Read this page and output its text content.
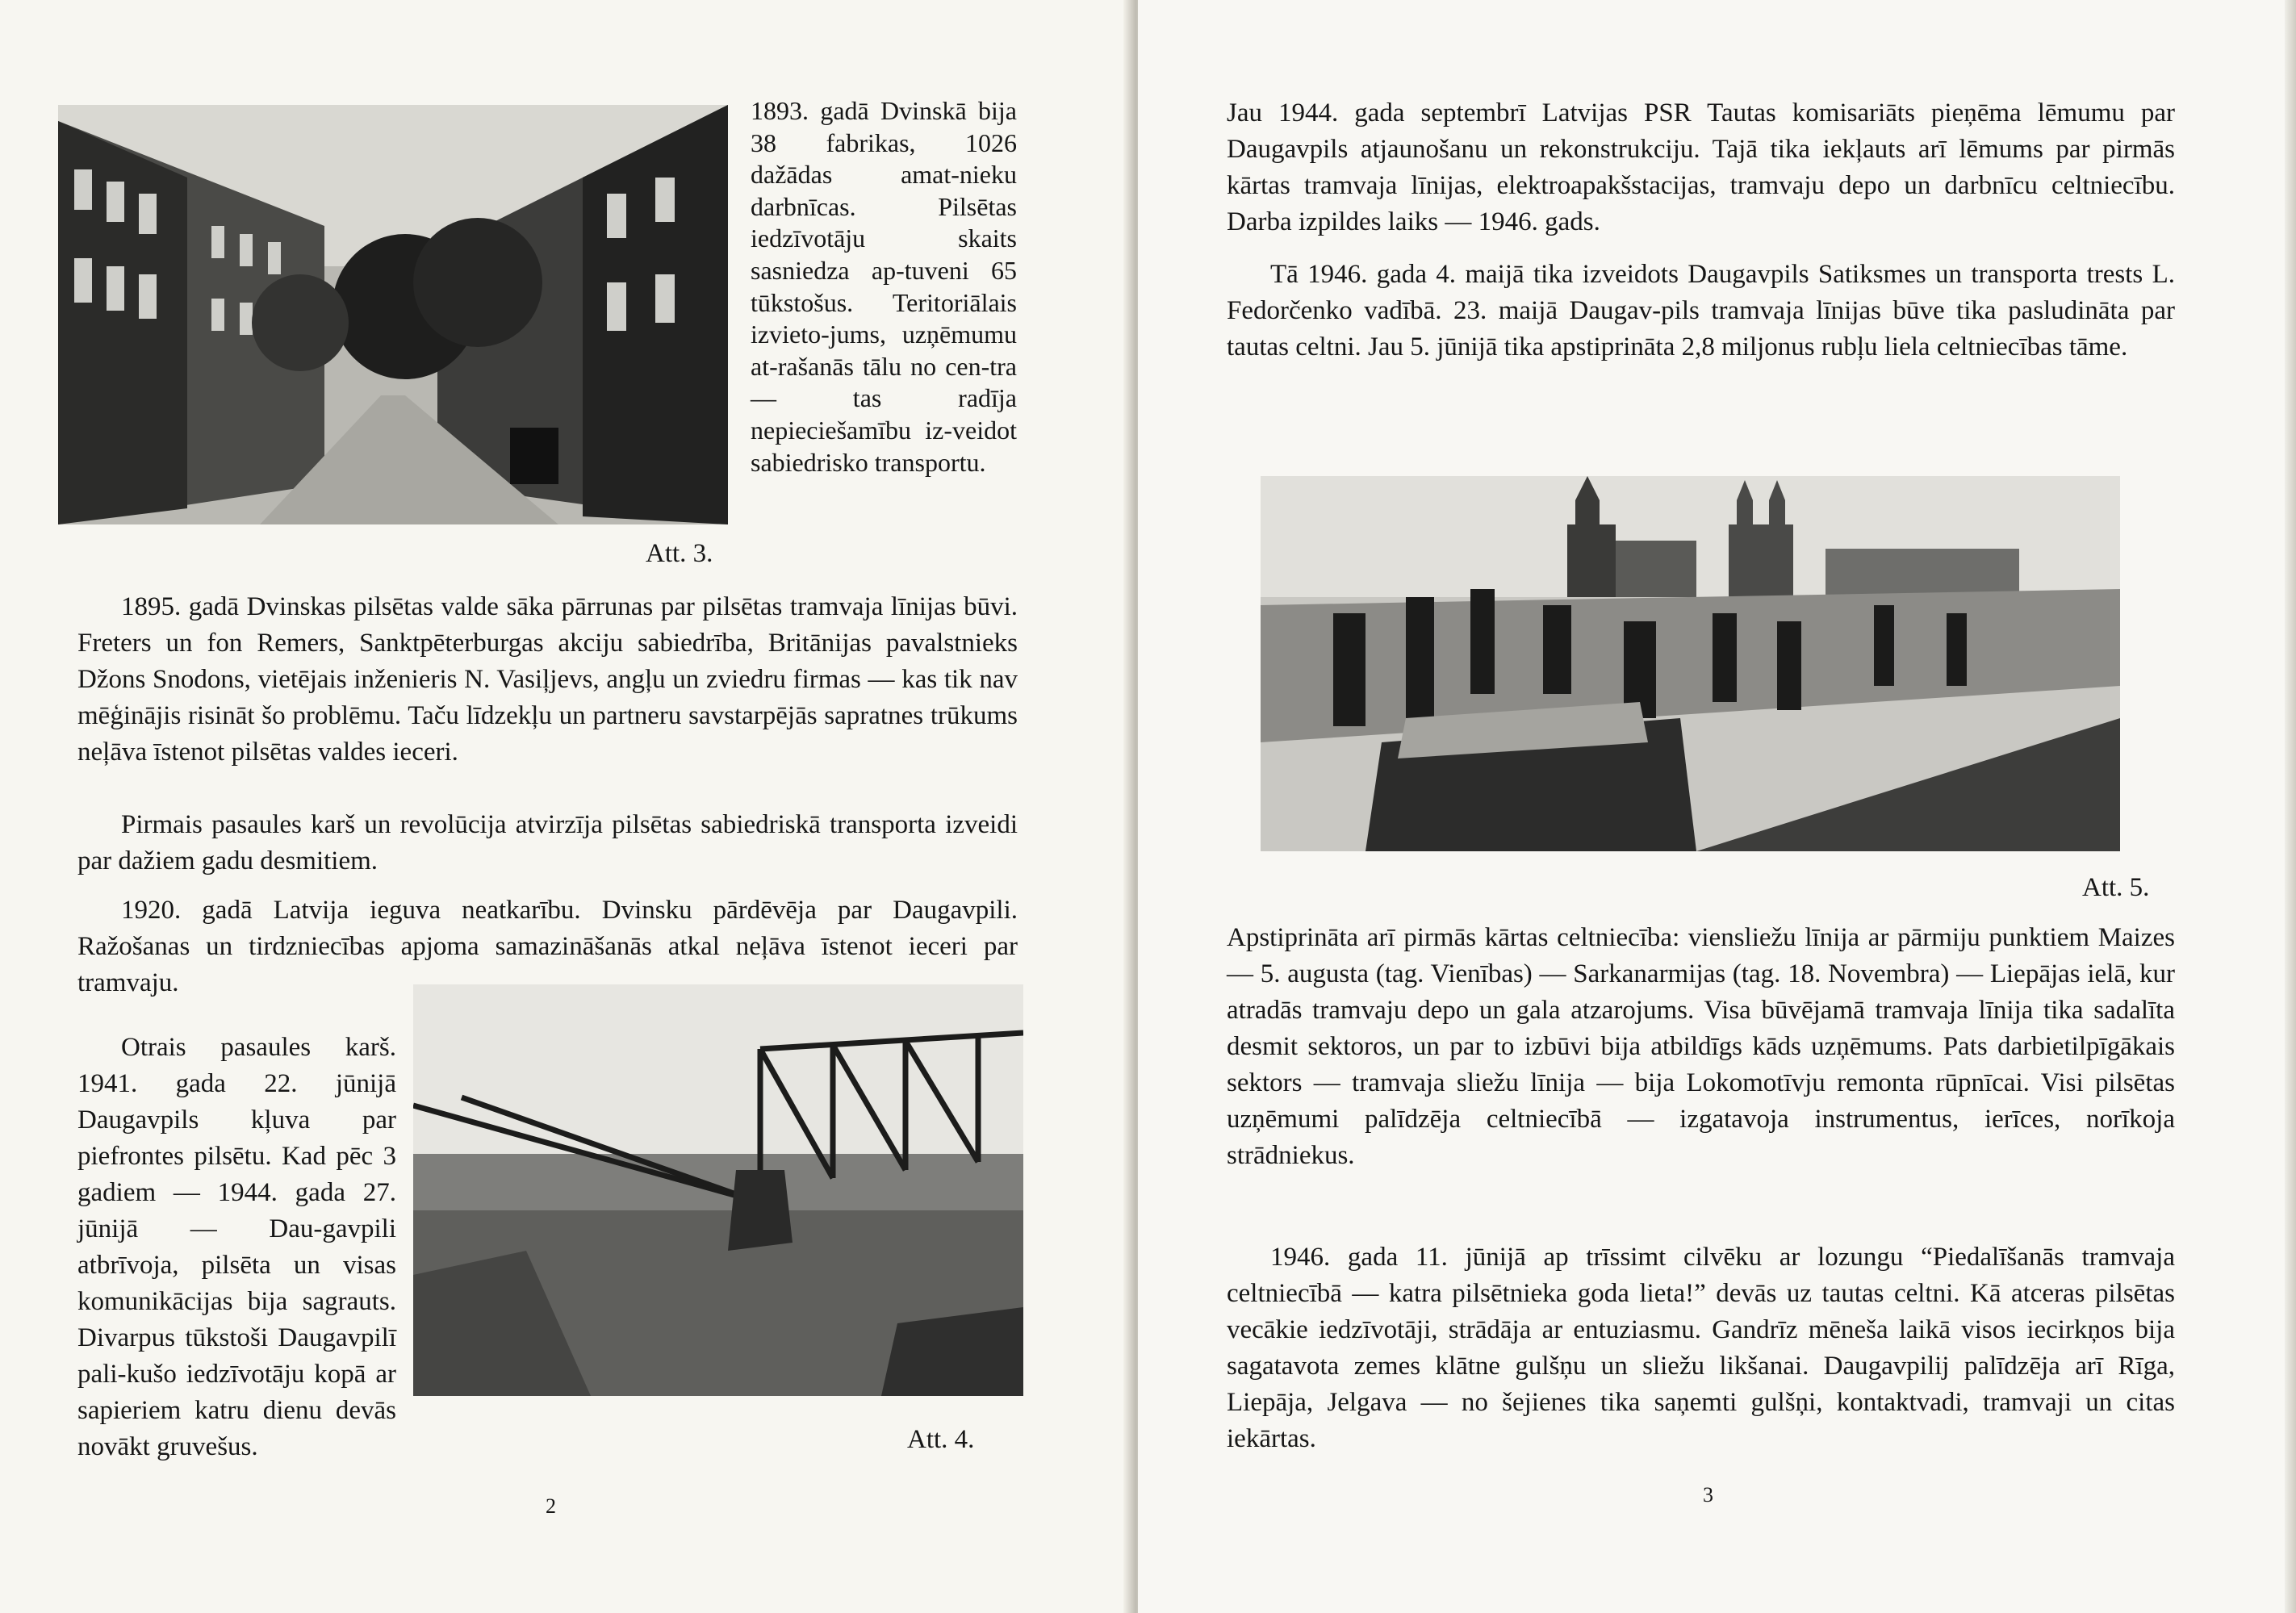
1893. gadā Dvinskā bija 38 fabrikas, 1026 dažādas amat-nieku darbnīcas. Pilsētas iedzīvotāju skaits sasniedza ap-tuveni 65 tūkstošus. Teritoriālais izvieto-jums, uzņēmumu at-rašanās tālu no cen-tra — tas radīja nepieciešamību iz-veidot sabiedrisko transportu.

Att. 3.

1895. gadā Dvinskas pilsētas valde sāka pārrunas par pilsētas tramvaja līnijas būvi. Freters un fon Remers, Sanktpēterburgas akciju sabiedrība, Britānijas pavalstnieks Džons Snodons, vietējais inženieris N. Vasiļjevs, angļu un zviedru firmas — kas tik nav mēģinājis risināt šo problēmu. Taču līdzekļu un partneru savstarpējās sapratnes trūkums neļāva īstenot pilsētas valdes ieceri.

Pirmais pasaules karš un revolūcija atvirzīja pilsētas sabiedriskā transporta izveidi par dažiem gadu desmitiem.

1920. gadā Latvija ieguva neatkarību. Dvinsku pārdēvēja par Daugavpili. Ražošanas un tirdzniecības apjoma samazināšanās atkal neļāva īstenot ieceri par tramvaju.

Otrais pasaules karš. 1941. gada 22. jūnijā Daugavpils kļuva par piefrontes pilsētu. Kad pēc 3 gadiem — 1944. gada 27. jūnijā — Dau-gavpili atbrīvoja, pilsēta un visas komunikācijas bija sagrauts. Divarpus tūkstoši Daugavpilī pali-kušo iedzīvotāju kopā ar sapieriem katru dienu devās novākt gruvešus.	Att. 4.
2

Jau 1944. gada septembrī Latvijas PSR Tautas komisariāts pieņēma lēmumu par Daugavpils atjaunošanu un rekonstrukciju. Tajā tika iekļauts arī lēmums par pirmās kārtas tramvaja līnijas, elektroapakšstacijas, tramvaju depo un darbnīcu celtniecību. Darba izpildes laiks — 1946. gads.

Tā 1946. gada 4. maijā tika izveidots Daugavpils Satiksmes un transporta trests L. Fedorčenko vadībā. 23. maijā Daugav-pils tramvaja līnijas būve tika pasludināta par tautas celtni. Jau 5. jūnijā tika apstiprināta 2,8 miljonus rubļu liela celtniecības tāme.

Att. 5.

Apstiprināta arī pirmās kārtas celtniecība: viensliežu līnija ar pārmiju punktiem Maizes — 5. augusta (tag. Vienības) — Sarkanarmijas (tag. 18. Novembra) — Liepājas ielā, kur atradās tramvaju depo un gala atzarojums. Visa būvējamā tramvaja līnija tika sadalīta desmit sektoros, un par to izbūvi bija atbildīgs kāds uzņēmums. Pats darbietilpīgākais sektors — tramvaja sliežu līnija — bija Lokomotīvju remonta rūpnīcai. Visi pilsētas uzņēmumi palīdzēja celtniecībā — izgatavoja instrumentus, ierīces, norīkoja strādniekus.

1946. gada 11. jūnijā ap trīssimt cilvēku ar lozungu “Piedalīšanās tramvaja celtniecībā — katra pilsētnieka goda lieta!” devās uz tautas celtni. Kā atceras pilsētas vecākie iedzīvotāji, strādāja ar entuziasmu. Gandrīz mēneša laikā visos iecirkņos bija sagatavota zemes klātne gulšņu un sliežu likšanai. Daugavpilij palīdzēja arī Rīga, Liepāja, Jelgava — no šejienes tika saņemti gulšņi, kontaktvadi, tramvaji un citas iekārtas.

3
